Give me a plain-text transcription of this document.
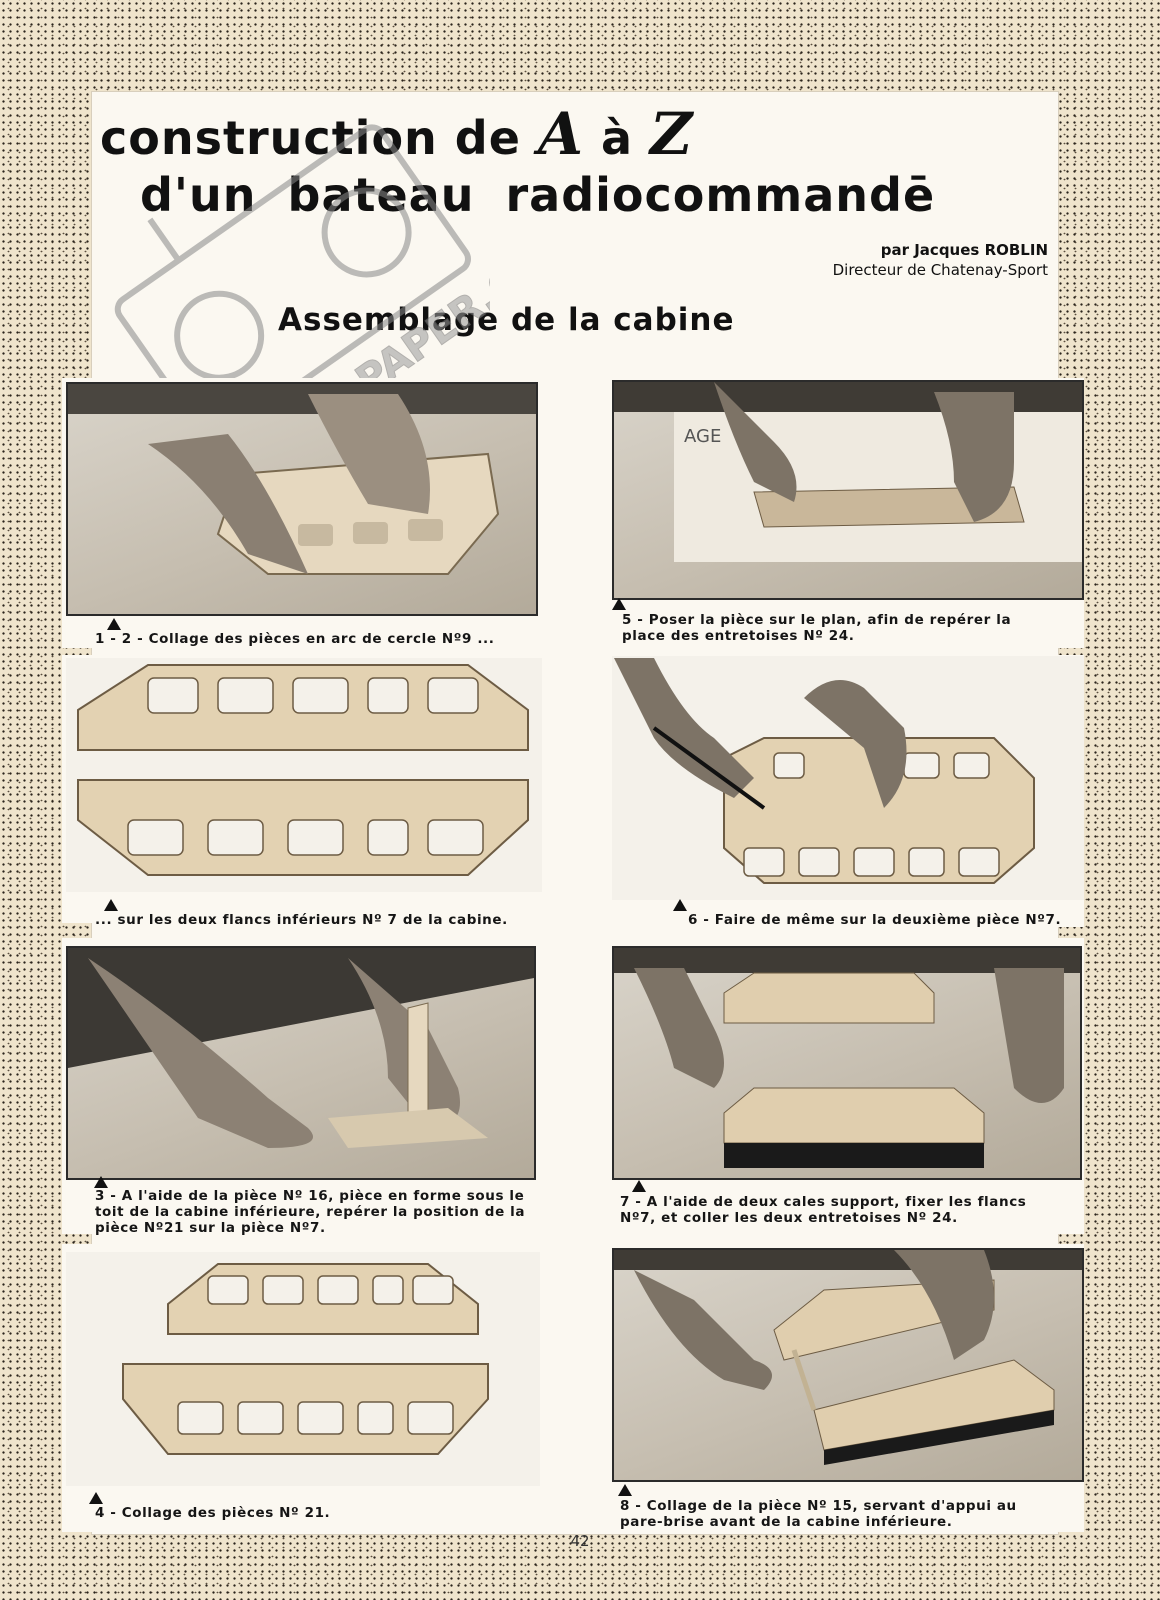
construction de A à Z
d'un bateau radiocommandē
par Jacques ROBLIN
Directeur de Chatenay-Sport
Assemblage de la cabine
1 - 2 - Collage des pièces en arc de cercle Nº9 ...
... sur les deux flancs inférieurs Nº 7 de la cabine.
3 - A l'aide de la pièce Nº 16, pièce en forme sous le toit de la cabine inférieure, repérer la position de la pièce Nº21 sur la pièce Nº7.
4 - Collage des pièces Nº 21.
AGE
5 - Poser la pièce sur le plan, afin de repérer la place des entretoises Nº 24.
6 - Faire de même sur la deuxième pièce Nº7.
7 - A l'aide de deux cales support, fixer les flancs Nº7, et coller les deux entretoises Nº 24.
8 - Collage de la pièce Nº 15, servant d'appui au pare-brise avant de la cabine inférieure.
42
